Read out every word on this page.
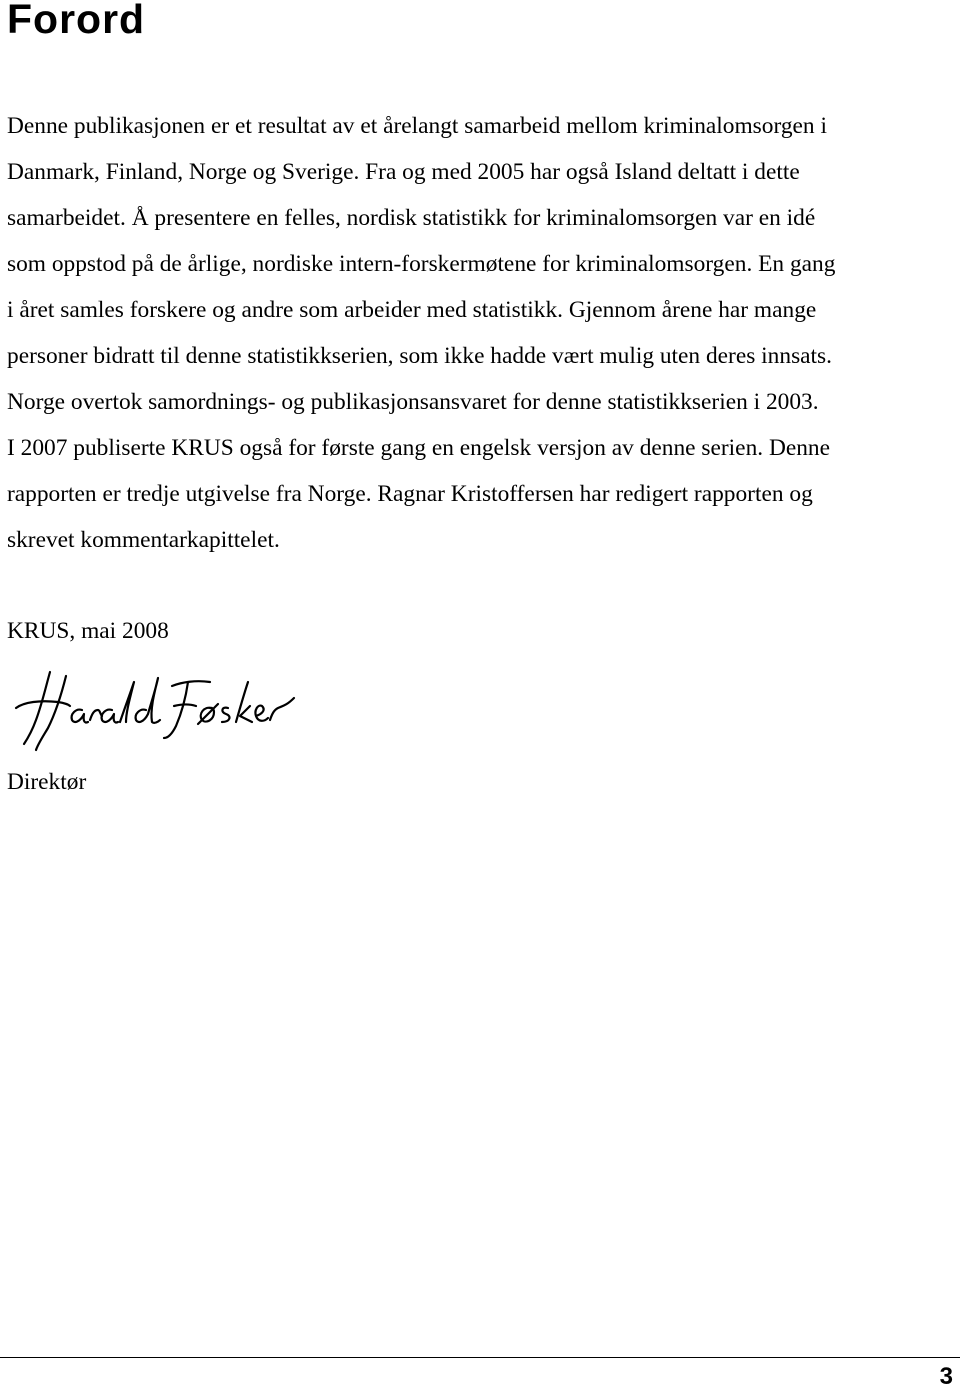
Forord

Denne publikasjonen er et resultat av et årelangt samarbeid mellom kriminalomsorgen i
Danmark, Finland, Norge og Sverige. Fra og med 2005 har også Island deltatt i dette
samarbeidet. Å presentere en felles, nordisk statistikk for kriminalomsorgen var en idé
som oppstod på de årlige, nordiske intern-forskermøtene for kriminalomsorgen. En gang
i året samles forskere og andre som arbeider med statistikk. Gjennom årene har mange
personer bidratt til denne statistikkserien, som ikke hadde vært mulig uten deres innsats.
Norge overtok samordnings- og publikasjonsansvaret for denne statistikkserien i 2003.
I 2007 publiserte KRUS også for første gang en engelsk versjon av denne serien. Denne
rapporten er tredje utgivelse fra Norge. Ragnar Kristoffersen har redigert rapporten og
skrevet kommentarkapittelet.

KRUS, mai 2008

Direktør

3
